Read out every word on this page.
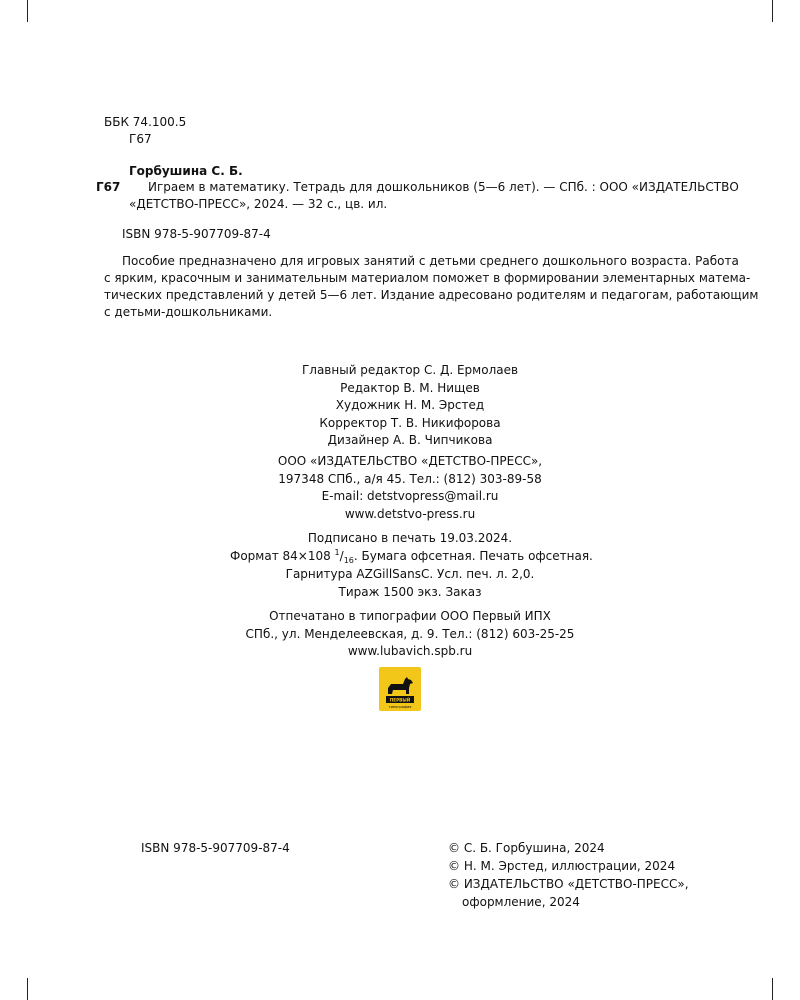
ББК 74.100.5
Г67
Горбушина С. Б.
Г67 Играем в математику. Тетрадь для дошкольников (5—6 лет). — СПб. : ООО «ИЗДАТЕЛЬСТВО
«ДЕТСТВО-ПРЕСС», 2024. — 32 с., цв. ил.
ISBN 978-5-907709-87-4
Пособие предназначено для игровых занятий с детьми среднего дошкольного возраста. Работа
с ярким, красочным и занимательным материалом поможет в формировании элементарных матема-
тических представлений у детей 5—6 лет. Издание адресовано родителям и педагогам, работающим
с детьми-дошкольниками.
Главный редактор С. Д. Ермолаев
Редактор В. М. Нищев
Художник Н. М. Эрстед
Корректор Т. В. Никифорова
Дизайнер А. В. Чипчикова
ООО «ИЗДАТЕЛЬСТВО «ДЕТСТВО-ПРЕСС»,
197348 СПб., а/я 45. Тел.: (812) 303-89-58
E-mail: detstvopress@mail.ru
www.detstvo-press.ru
Подписано в печать 19.03.2024.
Формат 84×108 $^1/_{16}$. Бумага офсетная. Печать офсетная.
Гарнитура AZGillSansC. Усл. печ. л. 2,0.
Тираж 1500 экз. Заказ
Отпечатано в типографии ООО Первый ИПХ
СПб., ул. Менделеевская, д. 9. Тел.: (812) 603-25-25
www.lubavich.spb.ru
ПЕРВЫЙ
типография
ISBN 978-5-907709-87-4	© С. Б. Горбушина, 2024
© Н. М. Эрстед, иллюстрации, 2024
© ИЗДАТЕЛЬСТВО «ДЕТСТВО-ПРЕСС»,
оформление, 2024
